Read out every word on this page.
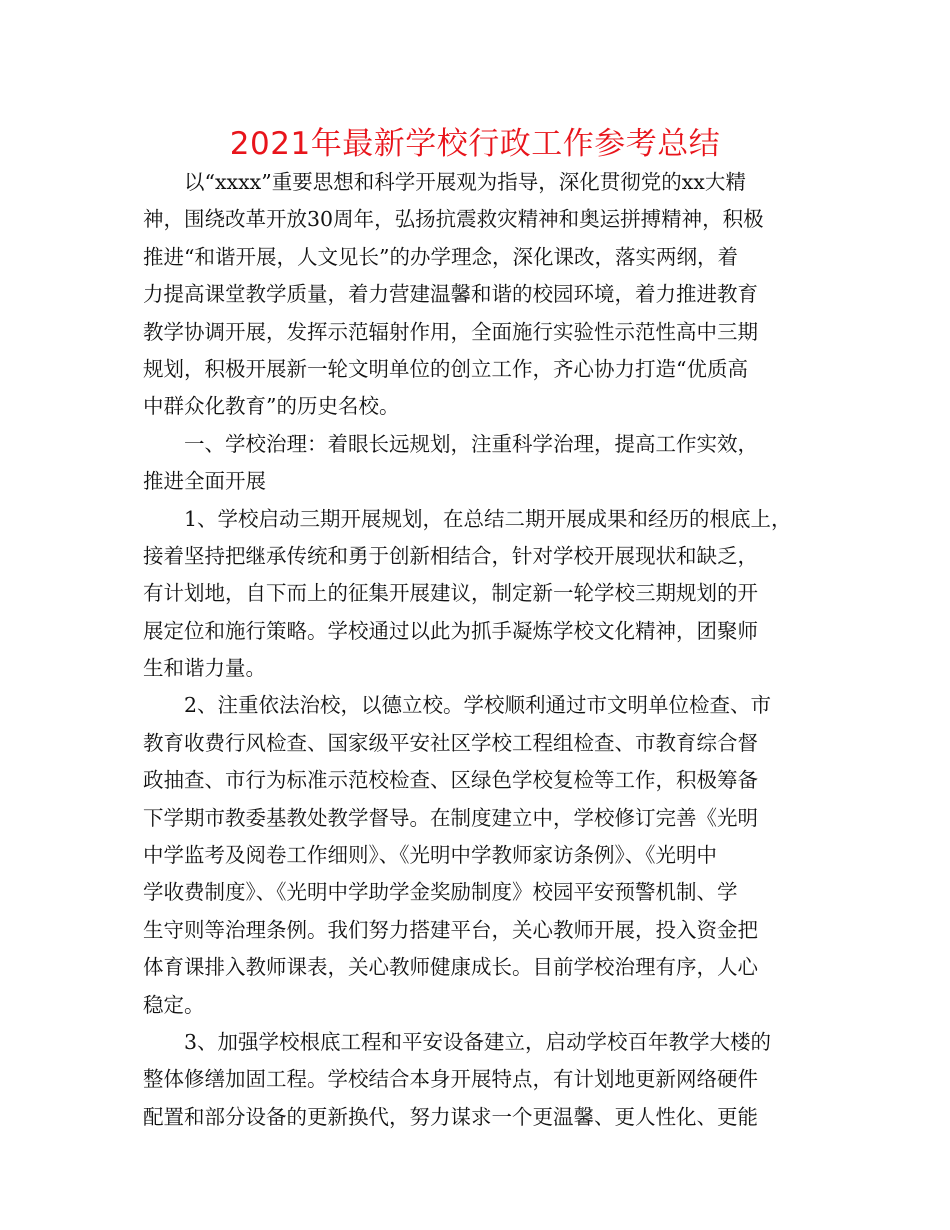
2021年最新学校行政工作参考总结
以“xxxx”重要思想和科学开展观为指导，深化贯彻党的xx大精
神，围绕改革开放30周年，弘扬抗震救灾精神和奥运拼搏精神，积极
推进“和谐开展，人文见长”的办学理念，深化课改，落实两纲，着
力提高课堂教学质量，着力营建温馨和谐的校园环境，着力推进教育
教学协调开展，发挥示范辐射作用，全面施行实验性示范性高中三期
规划，积极开展新一轮文明单位的创立工作，齐心协力打造“优质高
中群众化教育”的历史名校。
一、学校治理：着眼长远规划，注重科学治理，提高工作实效，
推进全面开展
1、学校启动三期开展规划，在总结二期开展成果和经历的根底上，
接着坚持把继承传统和勇于创新相结合，针对学校开展现状和缺乏，
有计划地，自下而上的征集开展建议，制定新一轮学校三期规划的开
展定位和施行策略。学校通过以此为抓手凝炼学校文化精神，团聚师
生和谐力量。
2、注重依法治校，以德立校。学校顺利通过市文明单位检查、市
教育收费行风检查、国家级平安社区学校工程组检查、市教育综合督
政抽查、市行为标准示范校检查、区绿色学校复检等工作，积极筹备
下学期市教委基教处教学督导。在制度建立中，学校修订完善《光明
中学监考及阅卷工作细则》、《光明中学教师家访条例》、《光明中
学收费制度》、《光明中学助学金奖励制度》校园平安预警机制、学
生守则等治理条例。我们努力搭建平台，关心教师开展，投入资金把
体育课排入教师课表，关心教师健康成长。目前学校治理有序，人心
稳定。
3、加强学校根底工程和平安设备建立，启动学校百年教学大楼的
整体修缮加固工程。学校结合本身开展特点，有计划地更新网络硬件
配置和部分设备的更新换代，努力谋求一个更温馨、更人性化、更能
